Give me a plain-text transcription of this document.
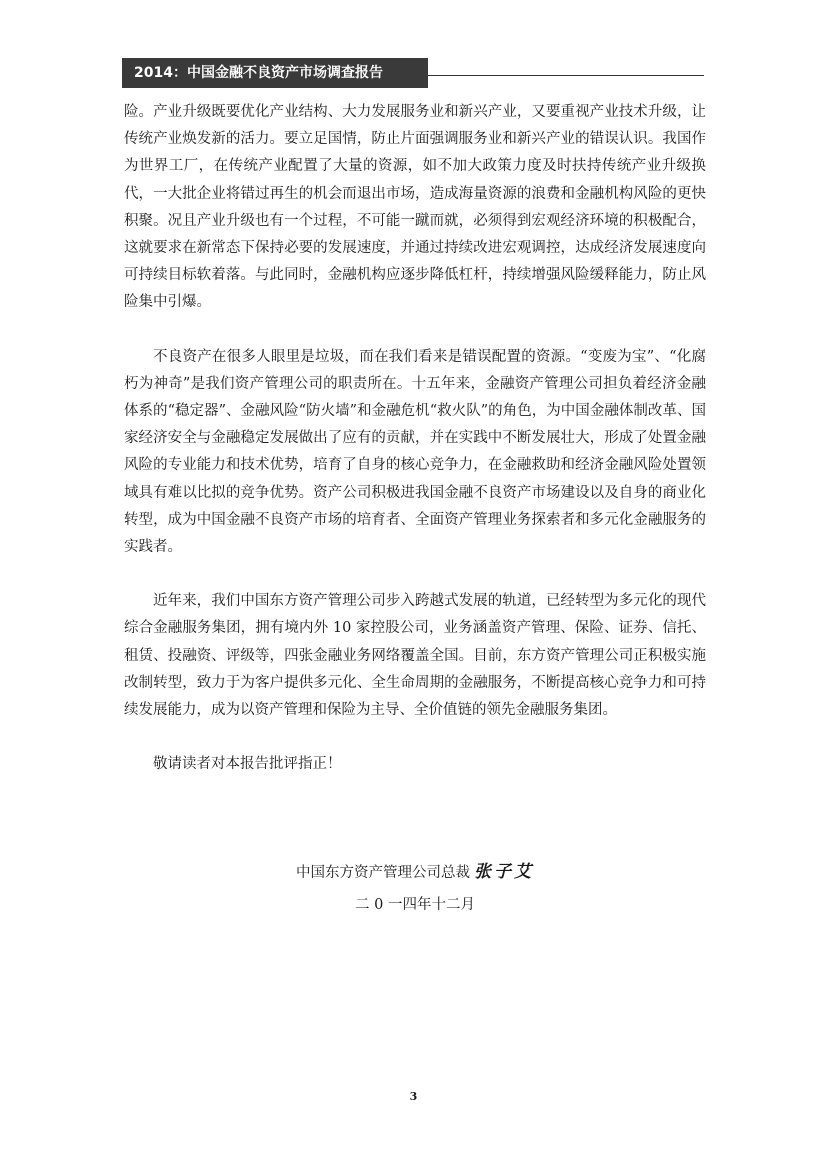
2014：中国金融不良资产市场调查报告

险。产业升级既要优化产业结构、大力发展服务业和新兴产业，又要重视产业技术升级，让传统产业焕发新的活力。要立足国情，防止片面强调服务业和新兴产业的错误认识。我国作为世界工厂，在传统产业配置了大量的资源，如不加大政策力度及时扶持传统产业升级换代，一大批企业将错过再生的机会而退出市场，造成海量资源的浪费和金融机构风险的更快积聚。况且产业升级也有一个过程，不可能一蹴而就，必须得到宏观经济环境的积极配合，这就要求在新常态下保持必要的发展速度，并通过持续改进宏观调控，达成经济发展速度向可持续目标软着落。与此同时，金融机构应逐步降低杠杆，持续增强风险缓释能力，防止风险集中引爆。

不良资产在很多人眼里是垃圾，而在我们看来是错误配置的资源。“变废为宝”、“化腐朽为神奇”是我们资产管理公司的职责所在。十五年来，金融资产管理公司担负着经济金融体系的“稳定器”、金融风险“防火墙”和金融危机“救火队”的角色，为中国金融体制改革、国家经济安全与金融稳定发展做出了应有的贡献，并在实践中不断发展壮大，形成了处置金融风险的专业能力和技术优势，培育了自身的核心竞争力，在金融救助和经济金融风险处置领域具有难以比拟的竞争优势。资产公司积极进我国金融不良资产市场建设以及自身的商业化转型，成为中国金融不良资产市场的培育者、全面资产管理业务探索者和多元化金融服务的实践者。

近年来，我们中国东方资产管理公司步入跨越式发展的轨道，已经转型为多元化的现代综合金融服务集团，拥有境内外 10 家控股公司，业务涵盖资产管理、保险、证券、信托、租赁、投融资、评级等，四张金融业务网络覆盖全国。目前，东方资产管理公司正积极实施改制转型，致力于为客户提供多元化、全生命周期的金融服务，不断提高核心竞争力和可持续发展能力，成为以资产管理和保险为主导、全价值链的领先金融服务集团。

敬请读者对本报告批评指正！

中国东方资产管理公司总裁 张子艾
二 0 一四年十二月
3
